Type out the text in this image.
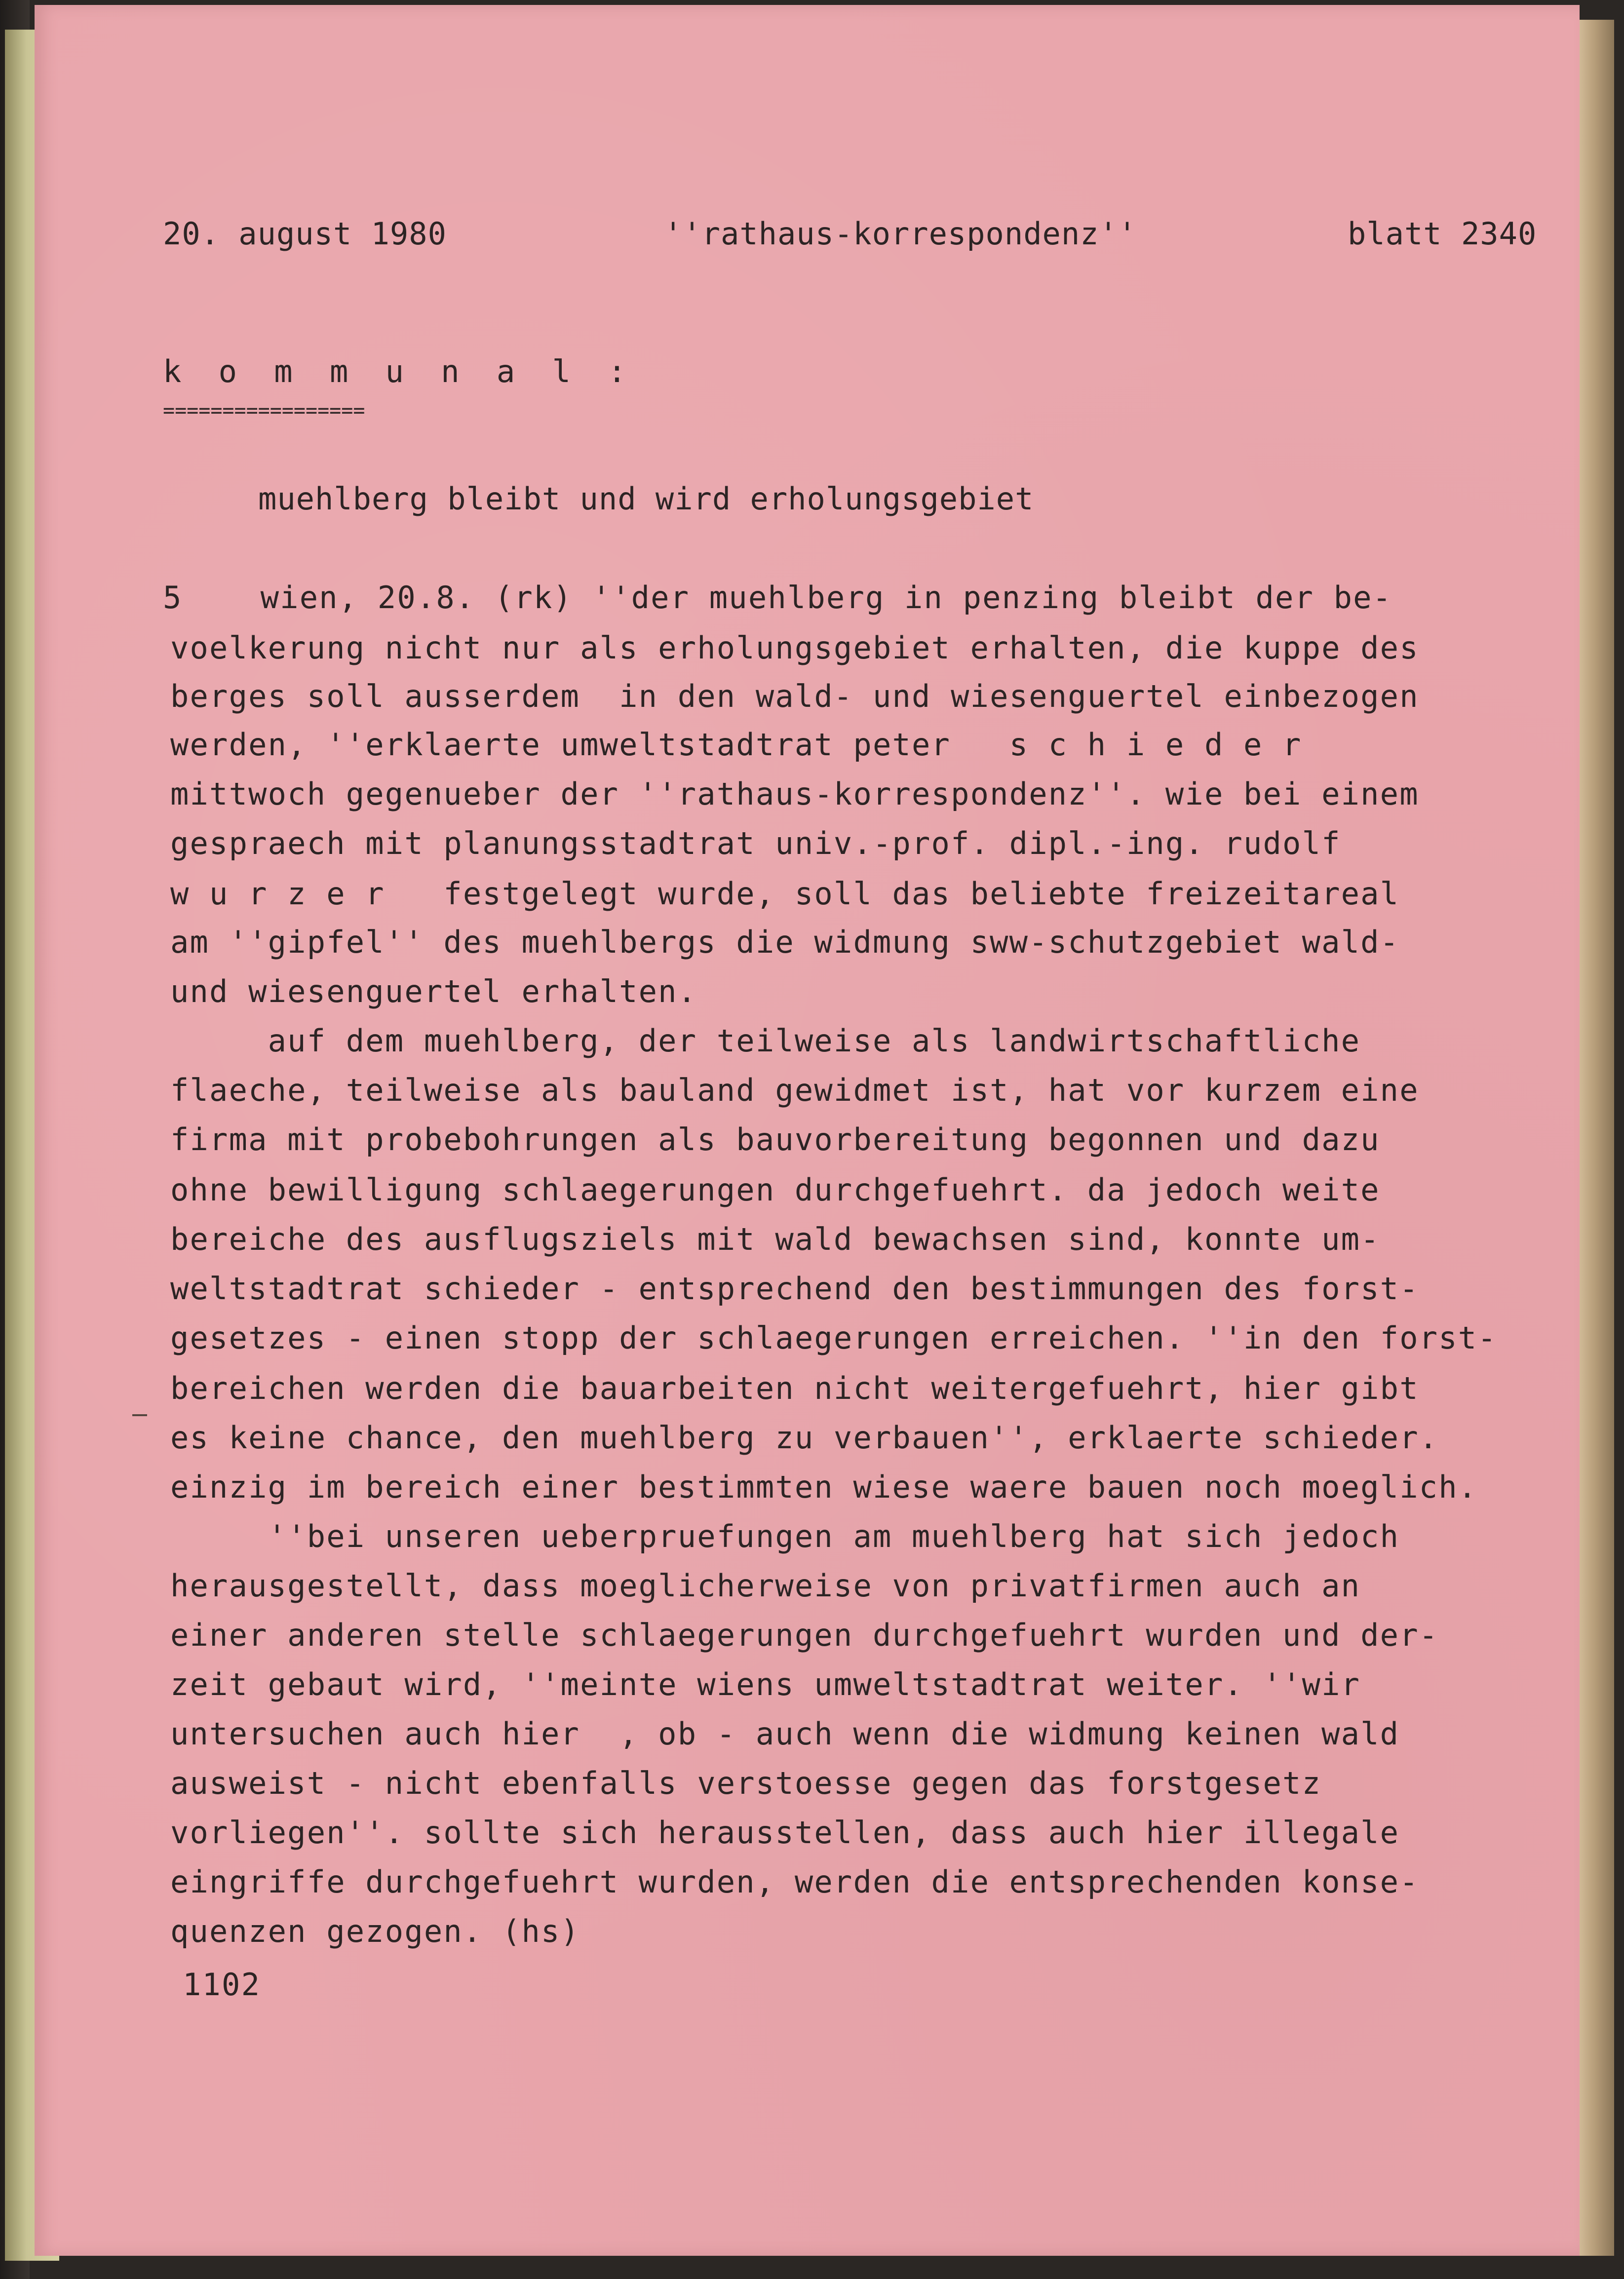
20. august 1980	''rathaus-korrespondenz''	blatt 2340
k o m m u n a l :
=================
muehlberg bleibt und wird erholungsgebiet
5    wien, 20.8. (rk) ''der muehlberg in penzing bleibt der be-
voelkerung nicht nur als erholungsgebiet erhalten, die kuppe des
berges soll ausserdem  in den wald- und wiesenguertel einbezogen
werden, ''erklaerte umweltstadtrat peter   s c h i e d e r
mittwoch gegenueber der ''rathaus-korrespondenz''. wie bei einem
gespraech mit planungsstadtrat univ.-prof. dipl.-ing. rudolf
w u r z e r   festgelegt wurde, soll das beliebte freizeitareal
am ''gipfel'' des muehlbergs die widmung sww-schutzgebiet wald-
und wiesenguertel erhalten.
auf dem muehlberg, der teilweise als landwirtschaftliche
flaeche, teilweise als bauland gewidmet ist, hat vor kurzem eine
firma mit probebohrungen als bauvorbereitung begonnen und dazu
ohne bewilligung schlaegerungen durchgefuehrt. da jedoch weite
bereiche des ausflugsziels mit wald bewachsen sind, konnte um-
weltstadtrat schieder - entsprechend den bestimmungen des forst-
gesetzes - einen stopp der schlaegerungen erreichen. ''in den forst-
bereichen werden die bauarbeiten nicht weitergefuehrt, hier gibt
es keine chance, den muehlberg zu verbauen'', erklaerte schieder.
einzig im bereich einer bestimmten wiese waere bauen noch moeglich.
''bei unseren ueberpruefungen am muehlberg hat sich jedoch
herausgestellt, dass moeglicherweise von privatfirmen auch an
einer anderen stelle schlaegerungen durchgefuehrt wurden und der-
zeit gebaut wird, ''meinte wiens umweltstadtrat weiter. ''wir
untersuchen auch hier  , ob - auch wenn die widmung keinen wald
ausweist - nicht ebenfalls verstoesse gegen das forstgesetz
vorliegen''. sollte sich herausstellen, dass auch hier illegale
eingriffe durchgefuehrt wurden, werden die entsprechenden konse-
quenzen gezogen. (hs)
1102
